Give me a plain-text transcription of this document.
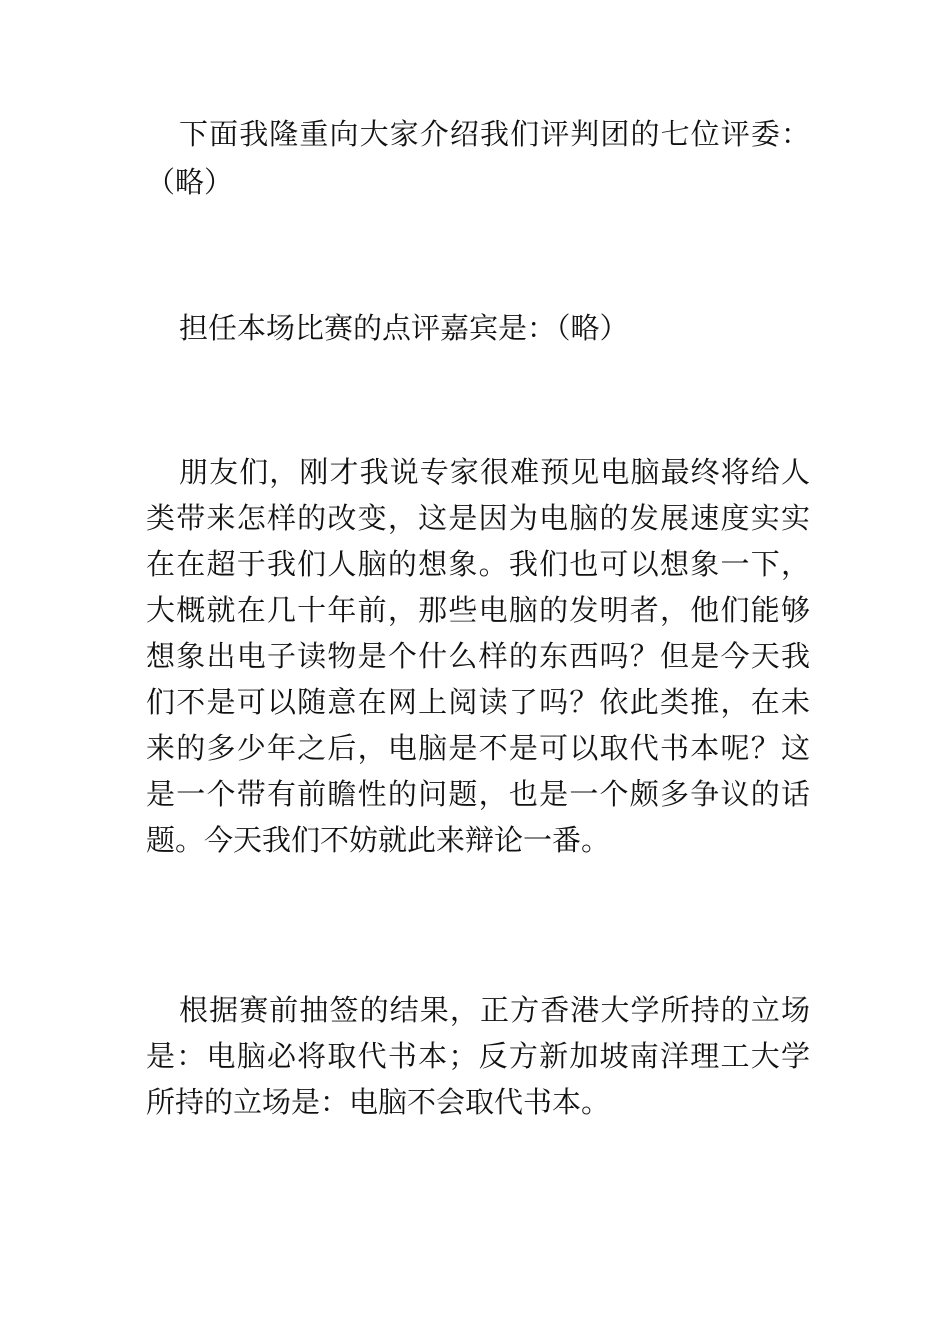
下面我隆重向大家介绍我们评判团的七位评委：（略）

担任本场比赛的点评嘉宾是：（略）

朋友们，刚才我说专家很难预见电脑最终将给人类带来怎样的改变，这是因为电脑的发展速度实实在在超于我们人脑的想象。我们也可以想象一下，大概就在几十年前，那些电脑的发明者，他们能够想象出电子读物是个什么样的东西吗？但是今天我们不是可以随意在网上阅读了吗？依此类推，在未来的多少年之后，电脑是不是可以取代书本呢？这是一个带有前瞻性的问题，也是一个颇多争议的话题。今天我们不妨就此来辩论一番。

根据赛前抽签的结果，正方香港大学所持的立场是：电脑必将取代书本；反方新加坡南洋理工大学所持的立场是：电脑不会取代书本。
